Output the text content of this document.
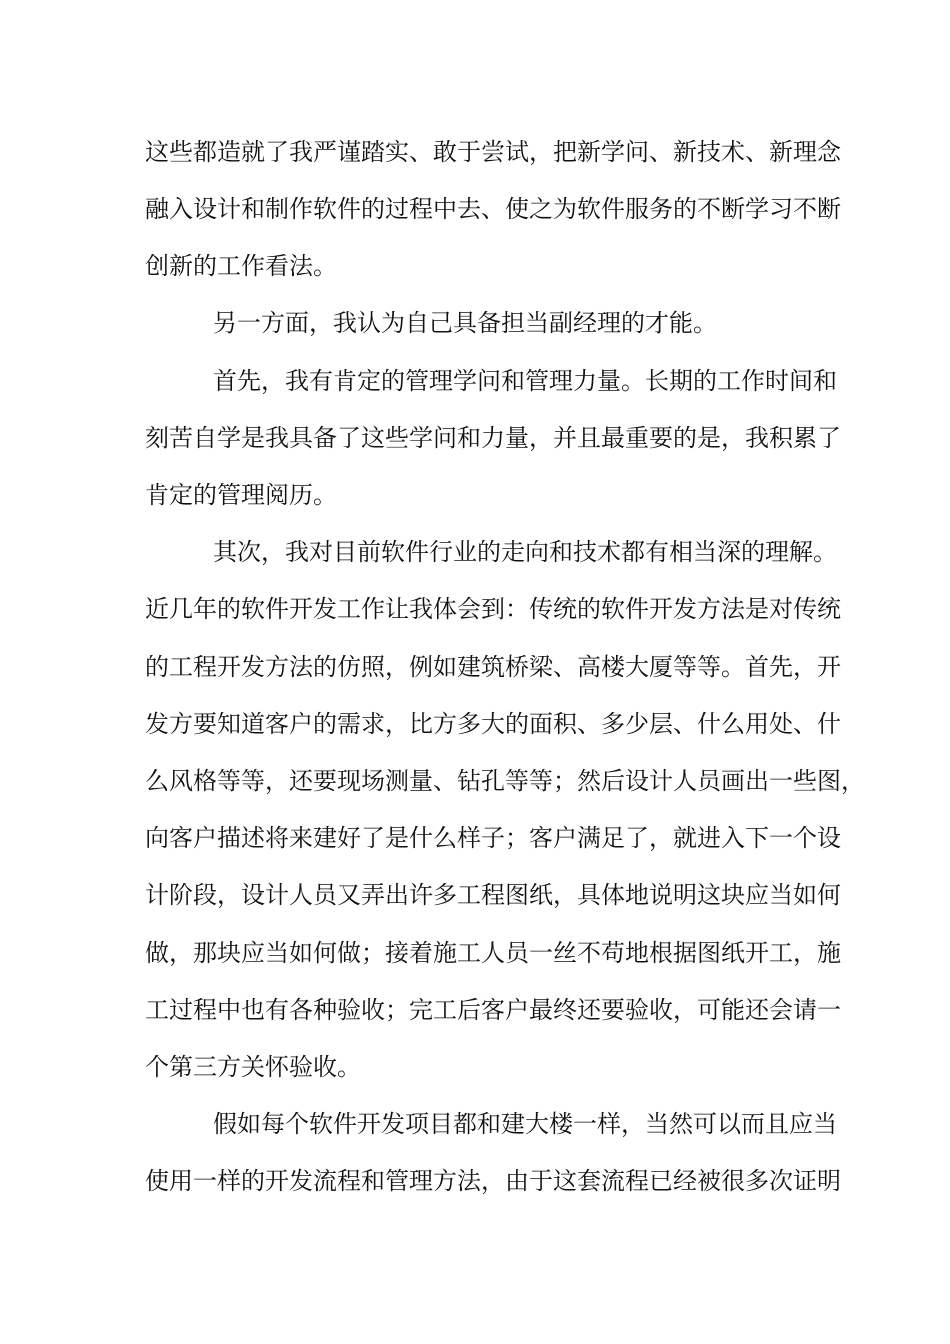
这些都造就了我严谨踏实、敢于尝试，把新学问、新技术、新理念
融入设计和制作软件的过程中去、使之为软件服务的不断学习不断
创新的工作看法。
另一方面，我认为自己具备担当副经理的才能。
首先，我有肯定的管理学问和管理力量。长期的工作时间和
刻苦自学是我具备了这些学问和力量，并且最重要的是，我积累了
肯定的管理阅历。
其次，我对目前软件行业的走向和技术都有相当深的理解。
近几年的软件开发工作让我体会到：传统的软件开发方法是对传统
的工程开发方法的仿照，例如建筑桥梁、高楼大厦等等。首先，开
发方要知道客户的需求，比方多大的面积、多少层、什么用处、什
么风格等等，还要现场测量、钻孔等等；然后设计人员画出一些图，
向客户描述将来建好了是什么样子；客户满足了，就进入下一个设
计阶段，设计人员又弄出许多工程图纸，具体地说明这块应当如何
做，那块应当如何做；接着施工人员一丝不苟地根据图纸开工，施
工过程中也有各种验收；完工后客户最终还要验收，可能还会请一
个第三方关怀验收。
假如每个软件开发项目都和建大楼一样，当然可以而且应当
使用一样的开发流程和管理方法，由于这套流程已经被很多次证明
